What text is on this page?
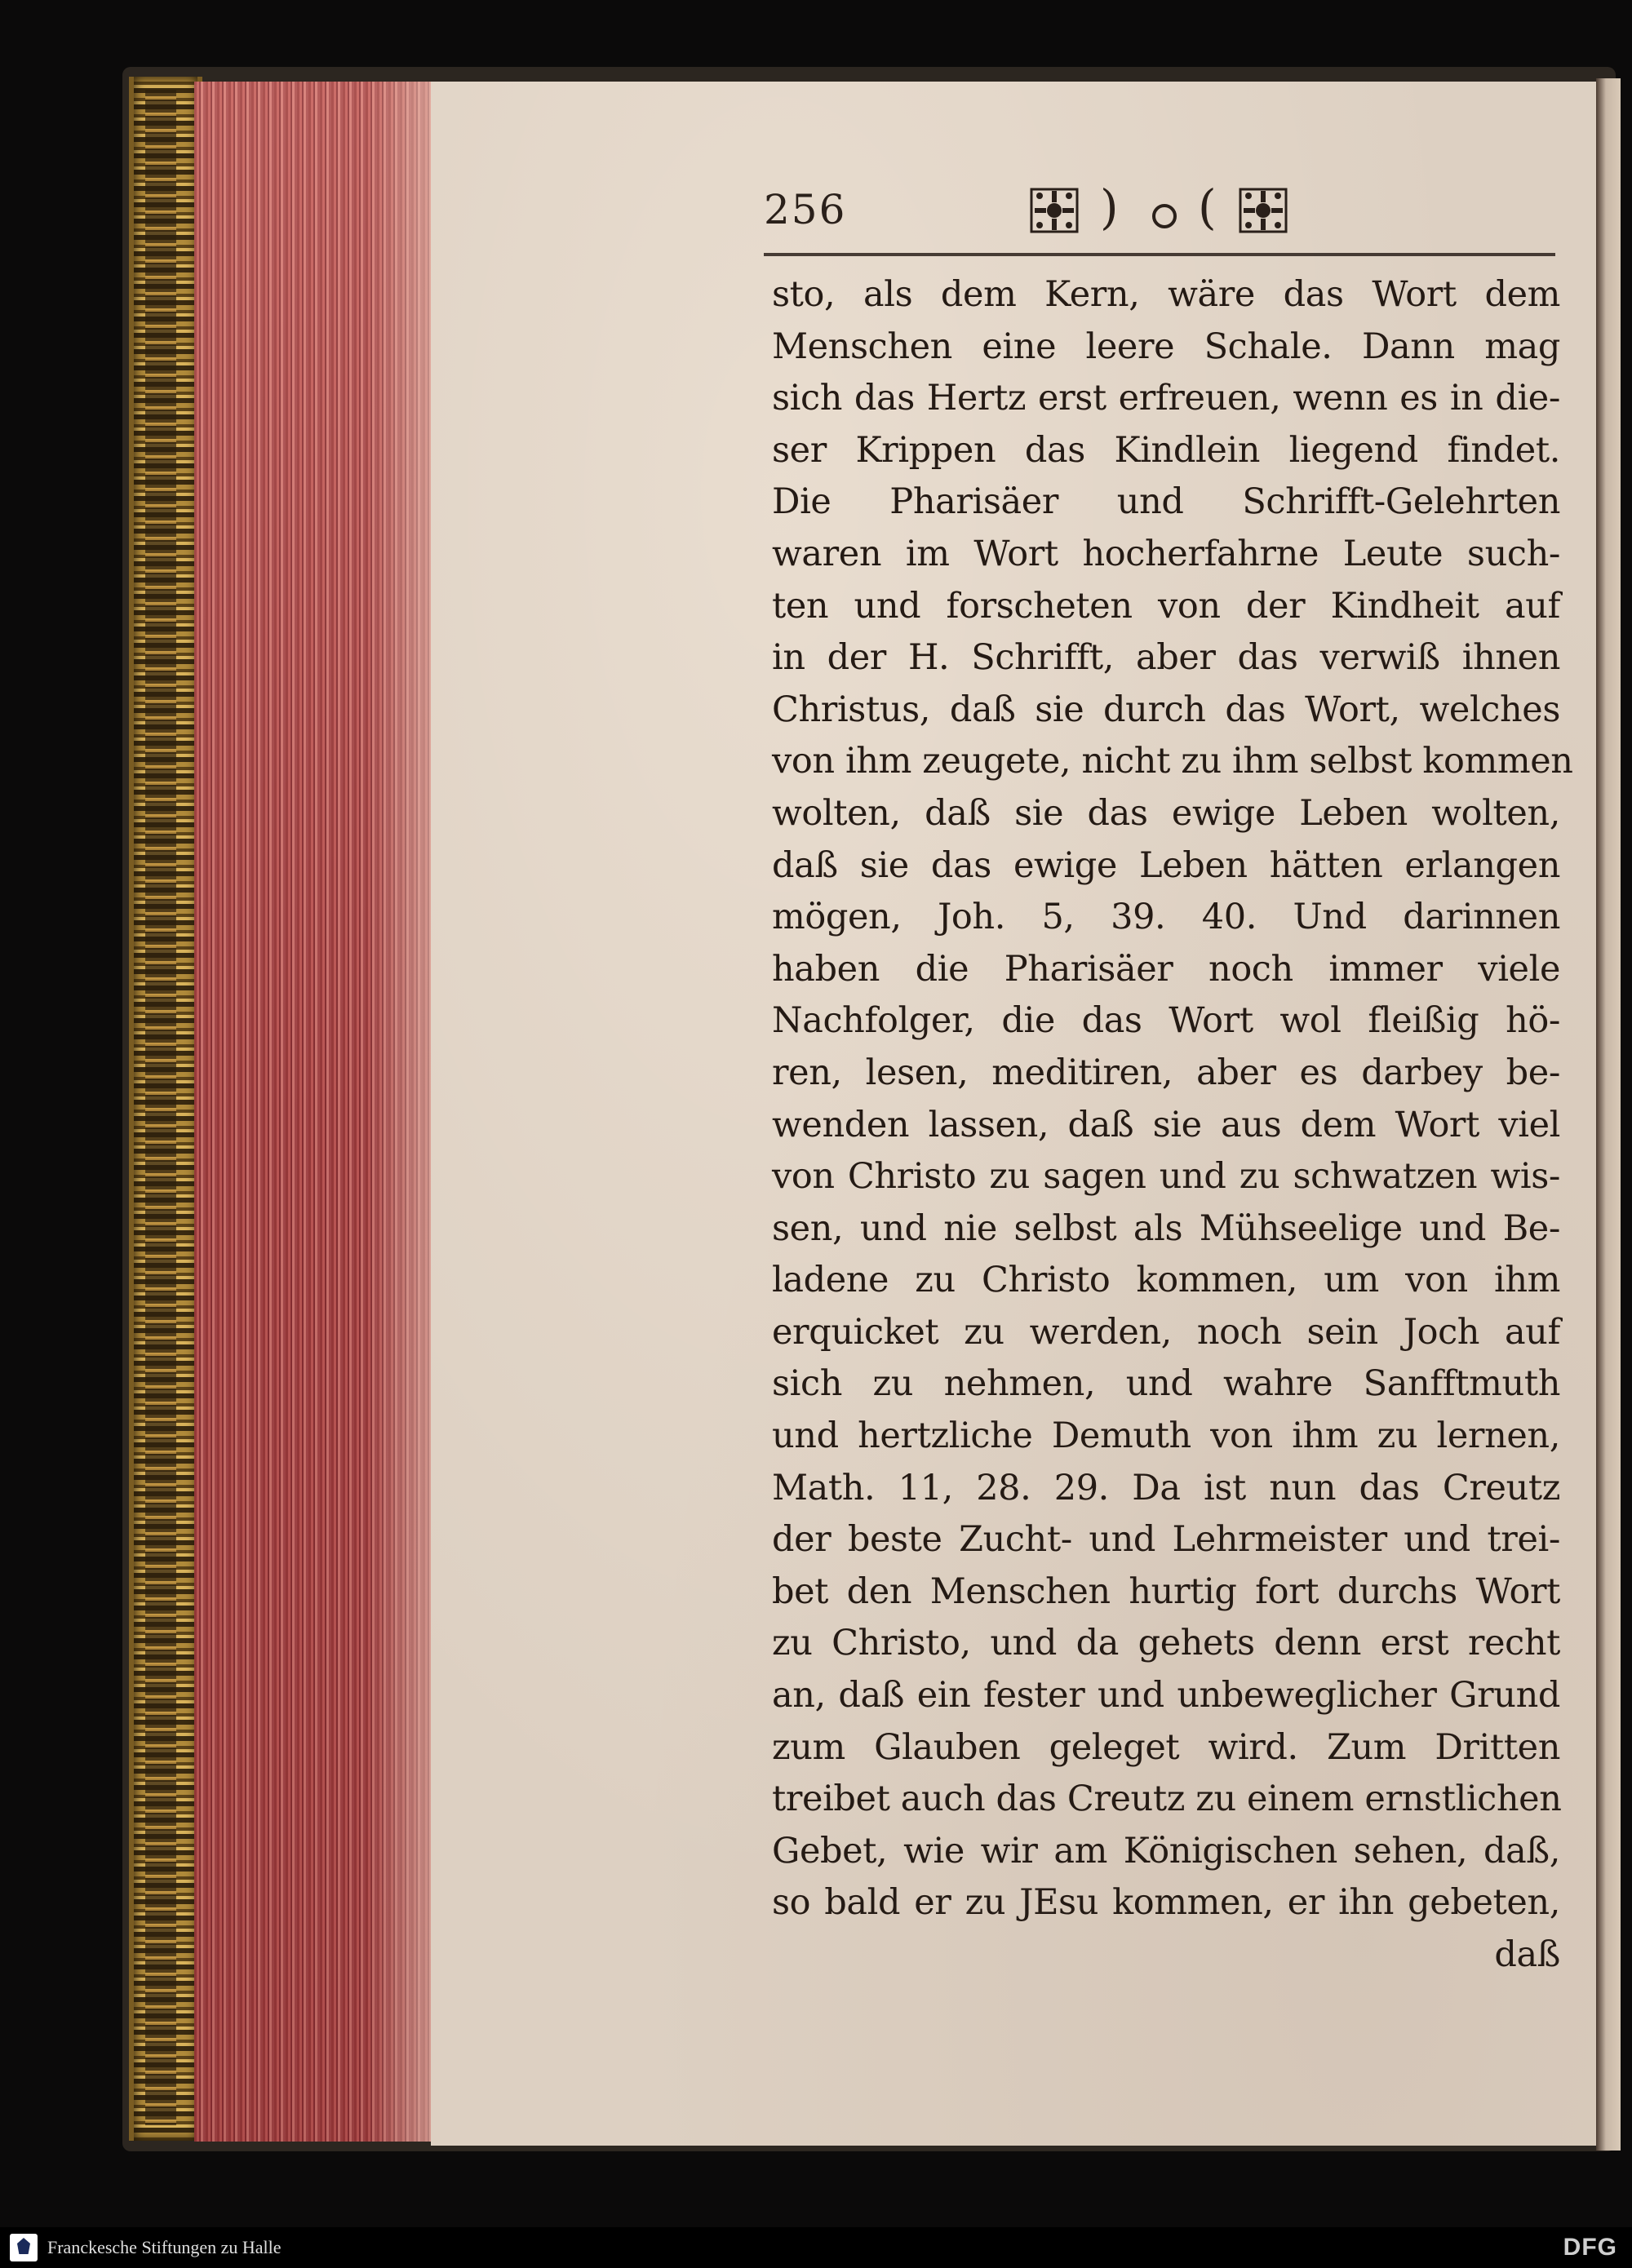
256	) (
sto, als dem Kern, wäre das Wort dem
Menschen eine leere Schale. Dann mag
sich das Hertz erst erfreuen, wenn es in die-
ser Krippen das Kindlein liegend findet.
Die Pharisäer und Schrifft-Gelehrten
waren im Wort hocherfahrne Leute such-
ten und forscheten von der Kindheit auf
in der H. Schrifft, aber das verwiß ihnen
Christus, daß sie durch das Wort, welches
von ihm zeugete, nicht zu ihm selbst kommen
wolten, daß sie das ewige Leben wolten,
daß sie das ewige Leben hätten erlangen
mögen, Joh. 5, 39. 40. Und darinnen
haben die Pharisäer noch immer viele
Nachfolger, die das Wort wol fleißig hö-
ren, lesen, meditiren, aber es darbey be-
wenden lassen, daß sie aus dem Wort viel
von Christo zu sagen und zu schwatzen wis-
sen, und nie selbst als Mühseelige und Be-
ladene zu Christo kommen, um von ihm
erquicket zu werden, noch sein Joch auf
sich zu nehmen, und wahre Sanfftmuth
und hertzliche Demuth von ihm zu lernen,
Math. 11, 28. 29. Da ist nun das Creutz
der beste Zucht- und Lehrmeister und trei-
bet den Menschen hurtig fort durchs Wort
zu Christo, und da gehets denn erst recht
an, daß ein fester und unbeweglicher Grund
zum Glauben geleget wird. Zum Dritten
treibet auch das Creutz zu einem ernstlichen
Gebet, wie wir am Königischen sehen, daß,
so bald er zu JEsu kommen, er ihn gebeten,
daß
Franckesche Stiftungen zu Halle	DFG
